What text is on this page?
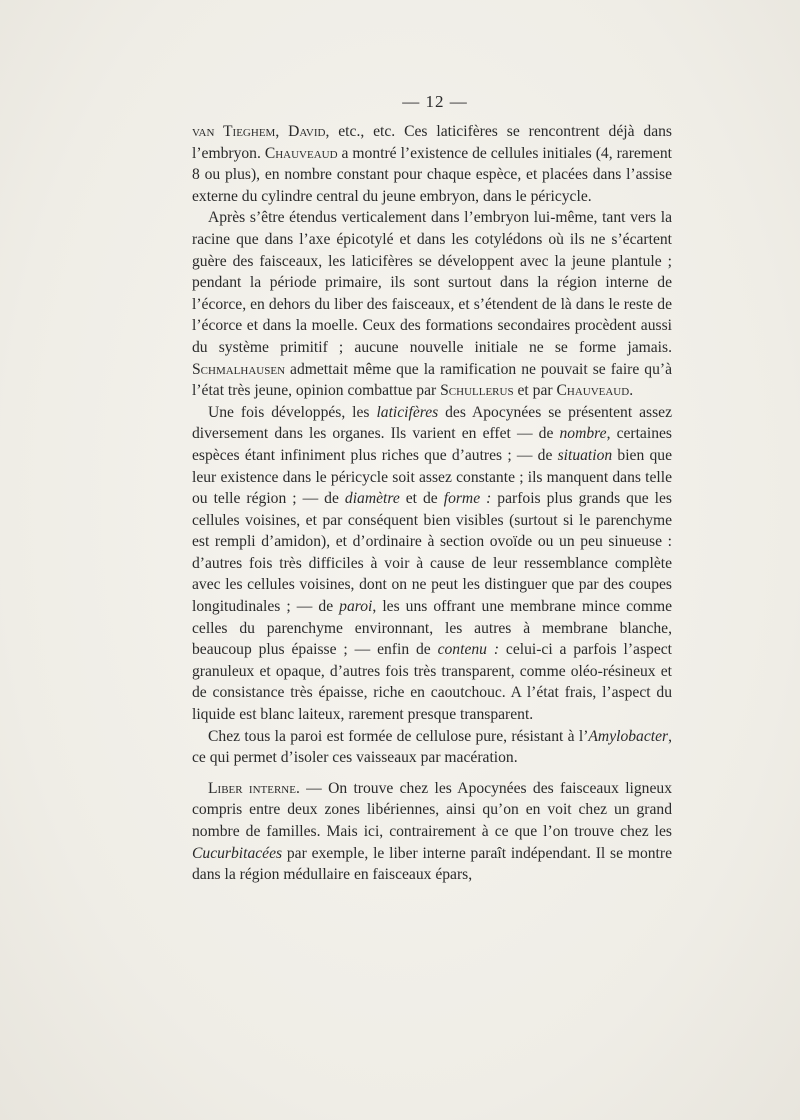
— 12 —

van Tieghem, David, etc., etc. Ces laticifères se rencontrent déjà dans l’embryon. Chauveaud a montré l’existence de cellules initiales (4, rarement 8 ou plus), en nombre constant pour chaque espèce, et placées dans l’assise externe du cylindre central du jeune embryon, dans le péricycle.

Après s’être étendus verticalement dans l’embryon lui-même, tant vers la racine que dans l’axe épicotylé et dans les cotylédons où ils ne s’écartent guère des faisceaux, les laticifères se développent avec la jeune plantule ; pendant la période primaire, ils sont surtout dans la région interne de l’écorce, en dehors du liber des faisceaux, et s’étendent de là dans le reste de l’écorce et dans la moelle. Ceux des formations secondaires procèdent aussi du système primitif ; aucune nouvelle initiale ne se forme jamais. Schmalhausen admettait même que la ramification ne pouvait se faire qu’à l’état très jeune, opinion combattue par Schullerus et par Chauveaud.

Une fois développés, les laticifères des Apocynées se présentent assez diversement dans les organes. Ils varient en effet — de nombre, certaines espèces étant infiniment plus riches que d’autres ; — de situation bien que leur existence dans le péricycle soit assez constante ; ils manquent dans telle ou telle région ; — de diamètre et de forme : parfois plus grands que les cellules voisines, et par conséquent bien visibles (surtout si le parenchyme est rempli d’amidon), et d’ordinaire à section ovoïde ou un peu sinueuse : d’autres fois très difficiles à voir à cause de leur ressemblance complète avec les cellules voisines, dont on ne peut les distinguer que par des coupes longitudinales ; — de paroi, les uns offrant une membrane mince comme celles du parenchyme environnant, les autres à membrane blanche, beaucoup plus épaisse ; — enfin de contenu : celui-ci a parfois l’aspect granuleux et opaque, d’autres fois très transparent, comme oléo-résineux et de consistance très épaisse, riche en caoutchouc. A l’état frais, l’aspect du liquide est blanc laiteux, rarement presque transparent.

Chez tous la paroi est formée de cellulose pure, résistant à l’Amylobacter, ce qui permet d’isoler ces vaisseaux par macération.

Liber interne. — On trouve chez les Apocynées des faisceaux ligneux compris entre deux zones libériennes, ainsi qu’on en voit chez un grand nombre de familles. Mais ici, contrairement à ce que l’on trouve chez les Cucurbitacées par exemple, le liber interne paraît indépendant. Il se montre dans la région médullaire en faisceaux épars,
